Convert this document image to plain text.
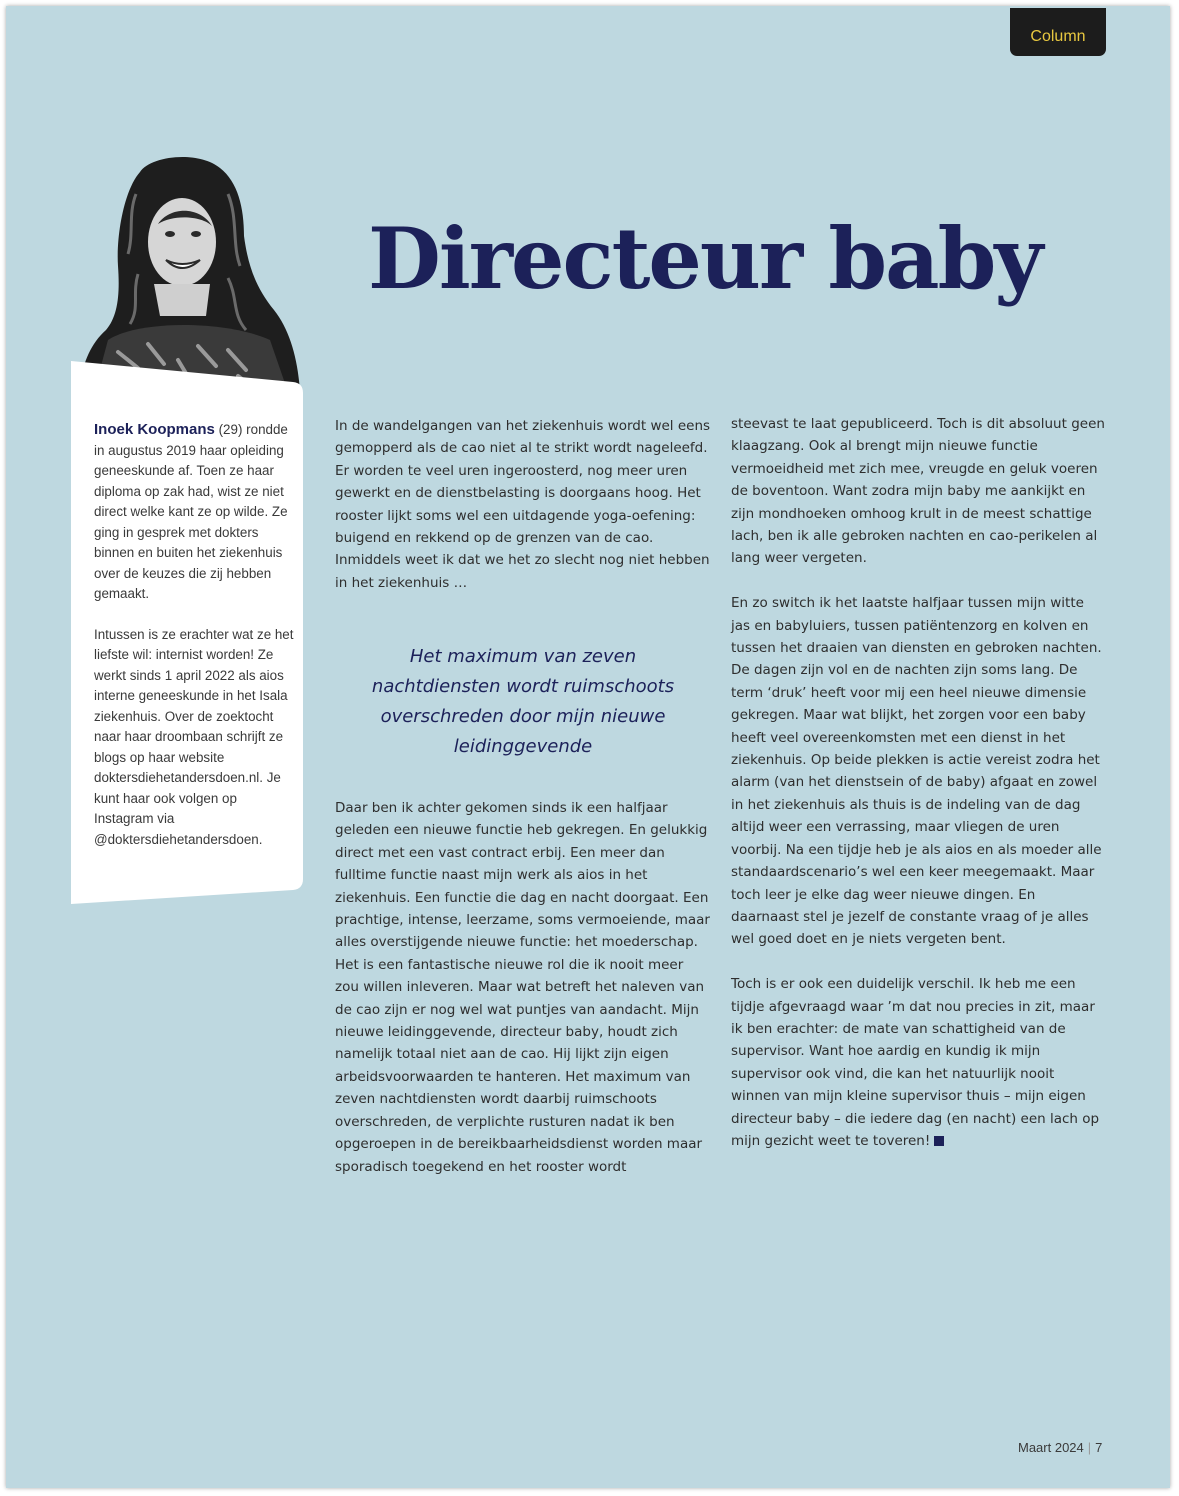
Column
Directeur baby

Inoek Koopmans (29) rondde in augustus 2019 haar opleiding geneeskunde af. Toen ze haar diploma op zak had, wist ze niet direct welke kant ze op wilde. Ze ging in gesprek met dokters binnen en buiten het ziekenhuis over de keuzes die zij hebben gemaakt.

Intussen is ze erachter wat ze het liefste wil: internist worden! Ze werkt sinds 1 april 2022 als aios interne geneeskunde in het Isala ziekenhuis. Over de zoektocht naar haar droombaan schrijft ze blogs op haar website doktersdiehetandersdoen.nl. Je kunt haar ook volgen op Instagram via @doktersdiehetandersdoen.

In de wandelgangen van het ziekenhuis wordt wel eens gemopperd als de cao niet al te strikt wordt nageleefd. Er worden te veel uren ingeroosterd, nog meer uren gewerkt en de dienstbelasting is doorgaans hoog. Het rooster lijkt soms wel een uitdagende yoga-oefening: buigend en rekkend op de grenzen van de cao. Inmiddels weet ik dat we het zo slecht nog niet hebben in het ziekenhuis …

Het maximum van zeven nachtdiensten wordt ruimschoots overschreden door mijn nieuwe leidinggevende

Daar ben ik achter gekomen sinds ik een halfjaar geleden een nieuwe functie heb gekregen. En gelukkig direct met een vast contract erbij. Een meer dan fulltime functie naast mijn werk als aios in het ziekenhuis. Een functie die dag en nacht doorgaat. Een prachtige, intense, leerzame, soms vermoeiende, maar alles overstijgende nieuwe functie: het moederschap. Het is een fantastische nieuwe rol die ik nooit meer zou willen inleveren. Maar wat betreft het naleven van de cao zijn er nog wel wat puntjes van aandacht. Mijn nieuwe leidinggevende, directeur baby, houdt zich namelijk totaal niet aan de cao. Hij lijkt zijn eigen arbeidsvoorwaarden te hanteren. Het maximum van zeven nachtdiensten wordt daarbij ruimschoots overschreden, de verplichte rusturen nadat ik ben opgeroepen in de bereikbaarheidsdienst worden maar sporadisch toegekend en het rooster wordt

steevast te laat gepubliceerd. Toch is dit absoluut geen klaagzang. Ook al brengt mijn nieuwe functie vermoeidheid met zich mee, vreugde en geluk voeren de boventoon. Want zodra mijn baby me aankijkt en zijn mondhoeken omhoog krult in de meest schattige lach, ben ik alle gebroken nachten en cao-perikelen al lang weer vergeten.

En zo switch ik het laatste halfjaar tussen mijn witte jas en babyluiers, tussen patiëntenzorg en kolven en tussen het draaien van diensten en gebroken nachten. De dagen zijn vol en de nachten zijn soms lang. De term ‘druk’ heeft voor mij een heel nieuwe dimensie gekregen. Maar wat blijkt, het zorgen voor een baby heeft veel overeenkomsten met een dienst in het ziekenhuis. Op beide plekken is actie vereist zodra het alarm (van het dienstsein of de baby) afgaat en zowel in het ziekenhuis als thuis is de indeling van de dag altijd weer een verrassing, maar vliegen de uren voorbij. Na een tijdje heb je als aios en als moeder alle standaardscenario’s wel een keer meegemaakt. Maar toch leer je elke dag weer nieuwe dingen. En daarnaast stel je jezelf de constante vraag of je alles wel goed doet en je niets vergeten bent.

Toch is er ook een duidelijk verschil. Ik heb me een tijdje afgevraagd waar ’m dat nou precies in zit, maar ik ben erachter: de mate van schattigheid van de supervisor. Want hoe aardig en kundig ik mijn supervisor ook vind, die kan het natuurlijk nooit winnen van mijn kleine supervisor thuis – mijn eigen directeur baby – die iedere dag (en nacht) een lach op mijn gezicht weet te toveren!

Maart 2024 | 7
